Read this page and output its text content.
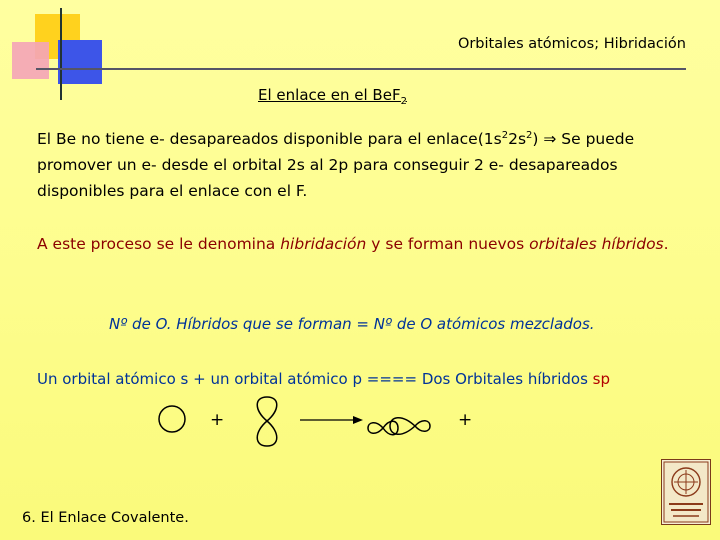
Orbitales atómicos; Hibridación
El enlace en el BeF$_2$
El Be no tiene e- desapareados disponible para el $enlace(1s^22s^2)$ ⇒ Se puede promover un e- desde el orbital 2s al 2p para conseguir 2 e- desapareados disponibles para el enlace con el F.
A este proceso se le denomina hibridación y se forman nuevos orbitales híbridos.
Nº de O. Híbridos que se forman = Nº de O atómicos mezclados.
Un orbital atómico s + un orbital atómico p ==== Dos Orbitales híbridos sp
+	+
6. El Enlace Covalente.
